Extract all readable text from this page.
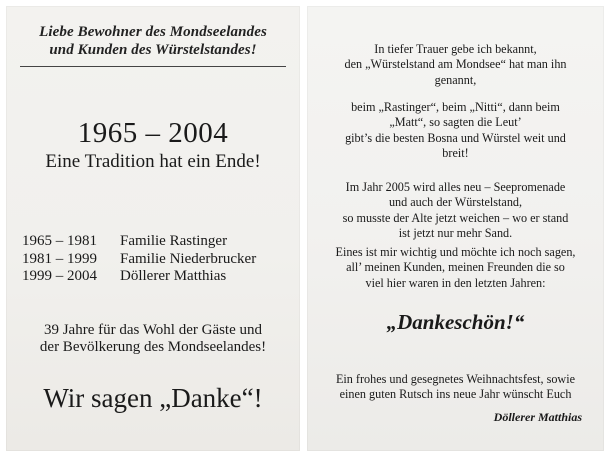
Liebe Bewohner des Mondseelandes

und Kunden des Würstelstandes!

1965 – 2004

Eine Tradition hat ein Ende!

1965 – 1981	Familie Rastinger
1981 – 1999	Familie Niederbrucker
1999 – 2004	Döllerer Matthias

39 Jahre für das Wohl der Gäste und

der Bevölkerung des Mondseelandes!

Wir sagen „Danke“!

In tiefer Trauer gebe ich bekannt,
den „Würstelstand am Mondsee“ hat man ihn
genannt,
beim „Rastinger“, beim „Nitti“, dann beim
„Matt“, so sagten die Leut’
gibt’s die besten Bosna und Würstel weit und
breit!
Im Jahr 2005 wird alles neu – Seepromenade
und auch der Würstelstand,
so musste der Alte jetzt weichen – wo er stand
ist jetzt nur mehr Sand.
Eines ist mir wichtig und möchte ich noch sagen,
all’ meinen Kunden, meinen Freunden die so
viel hier waren in den letzten Jahren:

„Dankeschön!“

Ein frohes und gesegnetes Weihnachtsfest, sowie
einen guten Rutsch ins neue Jahr wünscht Euch

Döllerer Matthias
